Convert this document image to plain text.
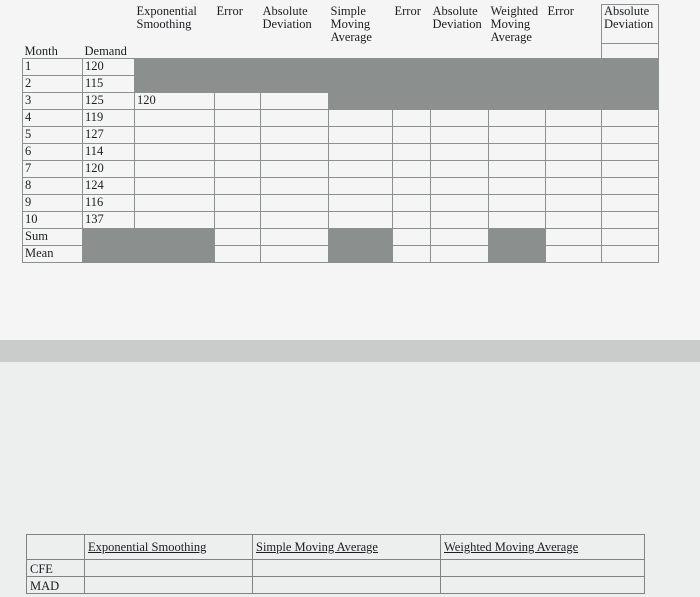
		Exponential Smoothing	Error	Absolute Deviation	Simple Moving Average	Error	Absolute Deviation	Weighted Moving Average	Error	Absolute Deviation
Month	Demand									
1	120									
2	115									
3	125	120								
4	119									
5	127									
6	114									
7	120									
8	124									
9	116									
10	137									
Sum										
Mean										
	Exponential Smoothing	Simple Moving Average	Weighted Moving Average
CFE			
MAD			
